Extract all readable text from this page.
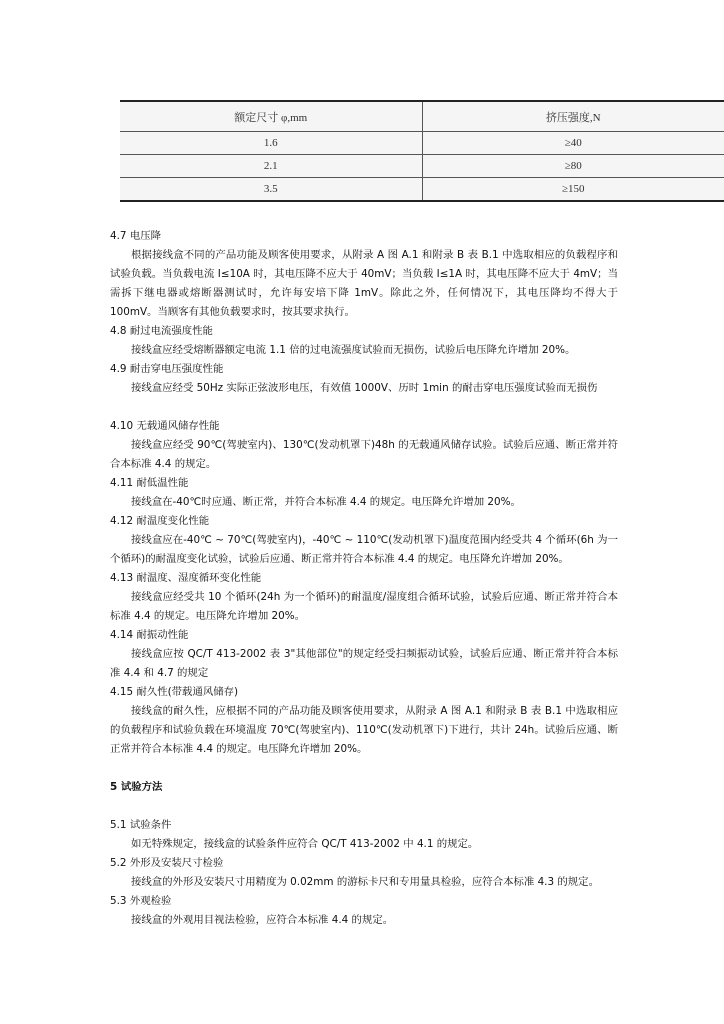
额定尺寸 φ,mm	挤压强度,N
1.6	≥40
2.1	≥80
3.5	≥150

4.7 电压降

根据接线盒不同的产品功能及顾客使用要求，从附录 A 图 A.1 和附录 B 表 B.1 中选取相应的负载程序和试验负载。当负载电流 I≤10A 时，其电压降不应大于 40mV；当负载 I≤1A 时，其电压降不应大于 4mV；当需拆下继电器或熔断器测试时，允许每安培下降 1mV。除此之外，任何情况下，其电压降均不得大于 100mV。当顾客有其他负载要求时，按其要求执行。

4.8 耐过电流强度性能

接线盒应经受熔断器额定电流 1.1 倍的过电流强度试验而无损伤，试验后电压降允许增加 20%。

4.9 耐击穿电压强度性能

接线盒应经受 50Hz 实际正弦波形电压，有效值 1000V、历时 1min 的耐击穿电压强度试验而无损伤

4.10 无载通风储存性能

接线盒应经受 90℃(驾驶室内)、130℃(发动机罩下)48h 的无载通风储存试验。试验后应通、断正常并符合本标准 4.4 的规定。

4.11 耐低温性能

接线盒在-40℃时应通、断正常，并符合本标准 4.4 的规定。电压降允许增加 20%。

4.12 耐温度变化性能

接线盒应在-40℃ ~ 70℃(驾驶室内)，-40℃ ~ 110℃(发动机罩下)温度范围内经受共 4 个循环(6h 为一个循环)的耐温度变化试验，试验后应通、断正常并符合本标准 4.4 的规定。电压降允许增加 20%。

4.13 耐温度、湿度循环变化性能

接线盒应经受共 10 个循环(24h 为一个循环)的耐温度/湿度组合循环试验，试验后应通、断正常并符合本标准 4.4 的规定。电压降允许增加 20%。

4.14 耐振动性能

接线盒应按 QC/T 413-2002 表 3"其他部位"的规定经受扫频振动试验，试验后应通、断正常并符合本标准 4.4 和 4.7 的规定

4.15 耐久性(带载通风储存)

接线盒的耐久性，应根据不同的产品功能及顾客使用要求，从附录 A 图 A.1 和附录 B 表 B.1 中选取相应的负载程序和试验负载在环境温度 70℃(驾驶室内)、110℃(发动机罩下)下进行，共计 24h。试验后应通、断正常并符合本标准 4.4 的规定。电压降允许增加 20%。

5 试验方法

5.1 试验条件

如无特殊规定，接线盒的试验条件应符合 QC/T 413-2002 中 4.1 的规定。

5.2 外形及安装尺寸检验

接线盒的外形及安装尺寸用精度为 0.02mm 的游标卡尺和专用量具检验，应符合本标准 4.3 的规定。

5.3 外观检验

接线盒的外观用目视法检验，应符合本标准 4.4 的规定。
